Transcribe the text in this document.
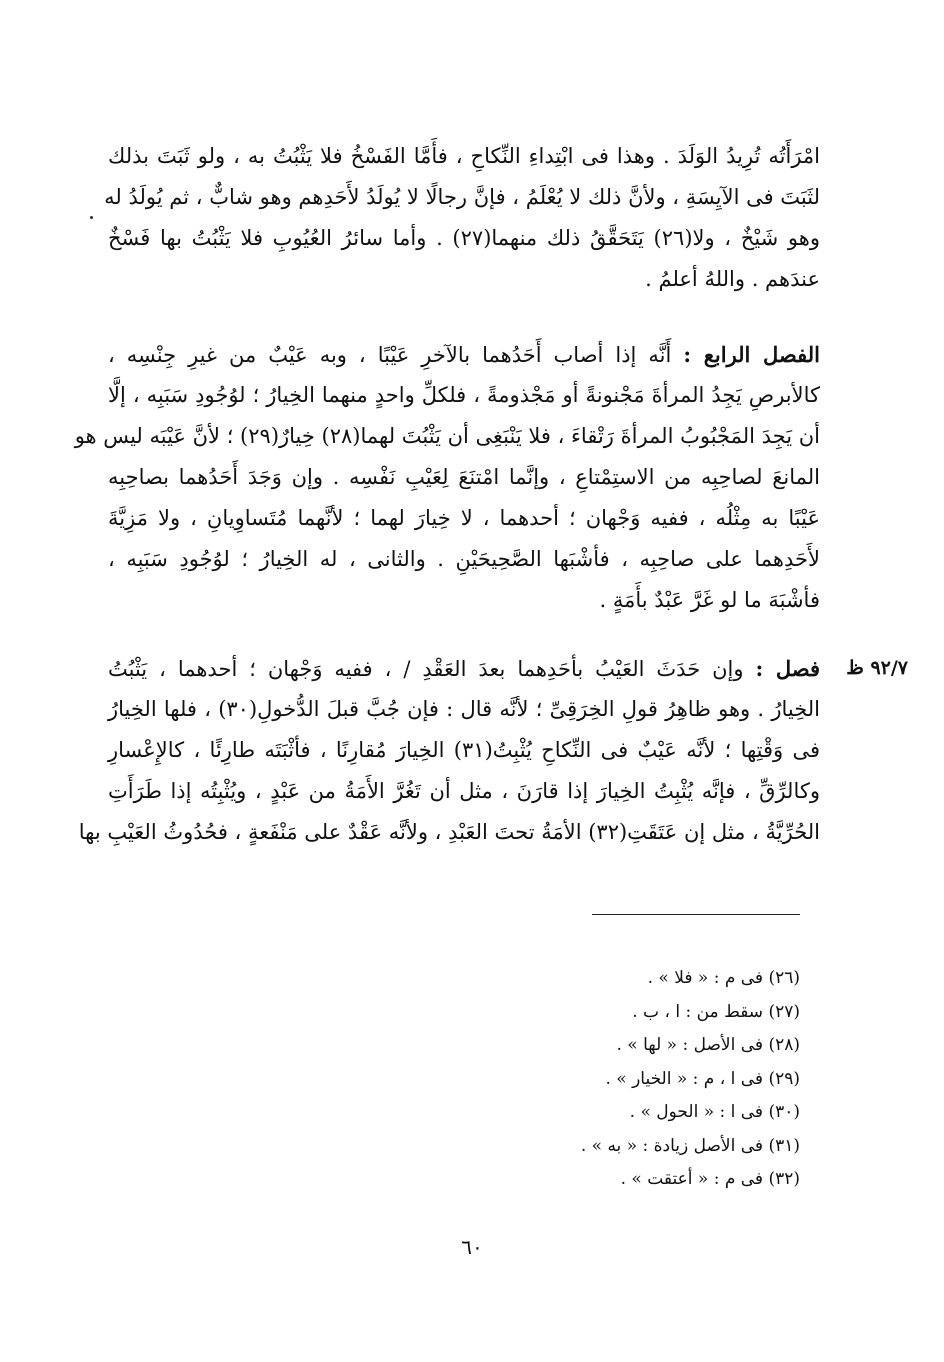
امْرَأَتُه تُرِيدُ الوَلَدَ . وهذا فى ابْتِداءِ النِّكاحِ ، فأَمَّا الفَسْخُ فلا يَثْبُتُ به ، ولو ثَبَتَ بذلك
لثَبَتَ فى الآيِسَةِ ، ولأنَّ ذلك لا يُعْلَمُ ، فإنَّ رجالًا لا يُولَدُ لأَحَدِهم وهو شابٌّ ، ثم يُولَدُ له
وهو شَيْخٌ ، ولا(٢٦) يَتَحَقَّقُ ذلك منهما(٢٧) . وأما سائرُ العُيُوبِ فلا يَثْبُتُ بها فَسْخٌ
عندَهم . واللهُ أعلمُ .
الفصل الرابع : أَنَّه إذا أصاب أَحَدُهما بالآخرِ عَيْبًا ، وبه عَيْبٌ من غيرِ جِنْسِه ،
كالأبرصِ يَجِدُ المرأةَ مَجْنونةً أو مَجْذومةً ، فلكلِّ واحدٍ منهما الخِيارُ ؛ لوُجُودِ سَبَبِه ، إلَّا
أن يَجِدَ المَجْبُوبُ المرأةَ رَتْقاءَ ، فلا يَنْبَغِى أن يَثْبُتَ لهما(٢٨) خِيارٌ(٢٩) ؛ لأنَّ عَيْبَه ليس هو
المانعَ لصاحِبِه من الاستِمْتاعِ ، وإنَّما امْتنَعَ لِعَيْبِ نَفْسِه . وإن وَجَدَ أَحَدُهما بصاحِبِه
عَيْبًا به مِثْلُه ، ففيه وَجْهان ؛ أحدهما ، لا خِيارَ لهما ؛ لأنَّهما مُتَساوِيانِ ، ولا مَزِيَّةَ
لأَحَدِهما على صاحِبِه ، فأشْبَها الصَّحِيحَيْنِ . والثانى ، له الخِيارُ ؛ لوُجُودِ سَبَبِه ،
فأشْبَهَ ما لو غَرَّ عَبْدٌ بأَمَةٍ .
٩٢/٧ ظ
فصل : وإن حَدَثَ العَيْبُ بأحَدِهما بعدَ العَقْدِ / ، ففيه وَجْهان ؛ أحدهما ، يَثْبُتُ
الخِيارُ . وهو ظاهِرُ قولِ الخِرَقِىِّ ؛ لأنَّه قال : فإن جُبَّ قبلَ الدُّخولِ(٣٠) ، فلها الخِيارُ
فى وَقْتِها ؛ لأنَّه عَيْبٌ فى النِّكاحِ يُثْبِتُ(٣١) الخِيارَ مُقارِنًا ، فأثْبَتَه طارِئًا ، كالإِعْسارِ
وكالرِّقِّ ، فإنَّه يُثْبِتُ الخِيارَ إذا قارَنَ ، مثل أن تَغُرَّ الأَمَةُ من عَبْدٍ ، ويُثْبِتُه إذا طَرَأَتِ
الحُرِّيَّةُ ، مثل إن عَتَقَتِ(٣٢) الأمَةُ تحتَ العَبْدِ ، ولأنَّه عَقْدٌ على مَنْفَعةٍ ، فحُدُوثُ العَيْبِ بها
(٢٦) فى م : « فلا » .
(٢٧) سقط من : ا ، ب .
(٢٨) فى الأصل : « لها » .
(٢٩) فى ا ، م : « الخيار » .
(٣٠) فى ا : « الحول » .
(٣١) فى الأصل زيادة : « به » .
(٣٢) فى م : « أعتقت » .
٦٠
